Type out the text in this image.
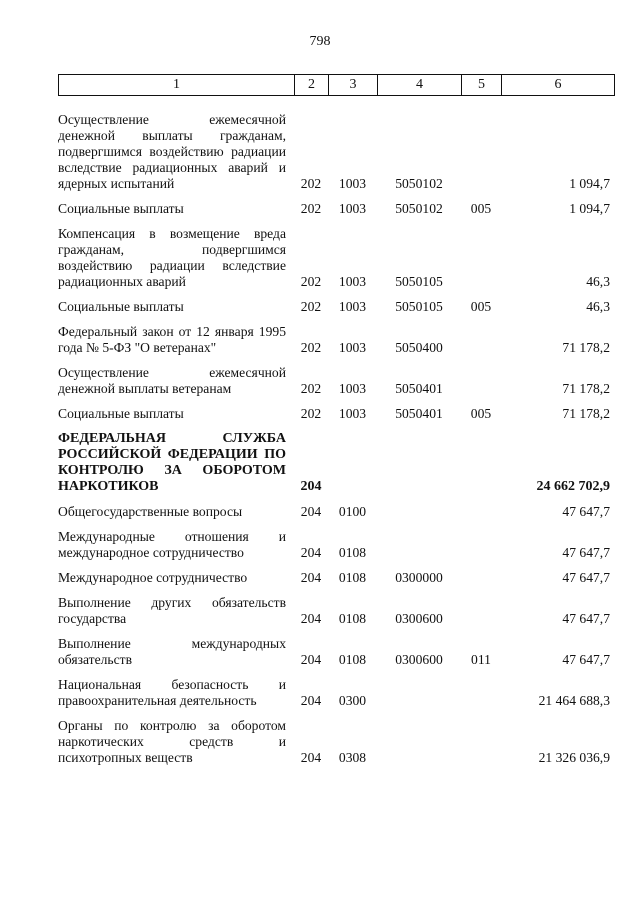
798
1	2	3	4	5	6
Осуществление ежемесячной денежной выплаты гражданам, подвергшимся воздействию радиации вследствие радиационных аварий и ядерных испытаний	202	1003	5050102		1 094,7

Социальные выплаты	202	1003	5050102	005	1 094,7

Компенсация в возмещение вреда гражданам, подвергшимся воздействию радиации вследствие радиационных аварий	202	1003	5050105		46,3

Социальные выплаты	202	1003	5050105	005	46,3

Федеральный закон от 12 января 1995 года № 5-ФЗ "О ветеранах"	202	1003	5050400		71 178,2

Осуществление ежемесячной денежной выплаты ветеранам	202	1003	5050401		71 178,2

Социальные выплаты	202	1003	5050401	005	71 178,2

ФЕДЕРАЛЬНАЯ СЛУЖБА РОССИЙСКОЙ ФЕДЕРАЦИИ ПО КОНТРОЛЮ ЗА ОБОРОТОМ НАРКОТИКОВ	204				24 662 702,9

Общегосударственные вопросы	204	0100			47 647,7

Международные отношения и международное сотрудничество	204	0108			47 647,7

Международное сотрудничество	204	0108	0300000		47 647,7

Выполнение других обязательств государства	204	0108	0300600		47 647,7

Выполнение международных обязательств	204	0108	0300600	011	47 647,7

Национальная безопасность и правоохранительная деятельность	204	0300			21 464 688,3

Органы по контролю за оборотом наркотических средств и психотропных веществ	204	0308			21 326 036,9
